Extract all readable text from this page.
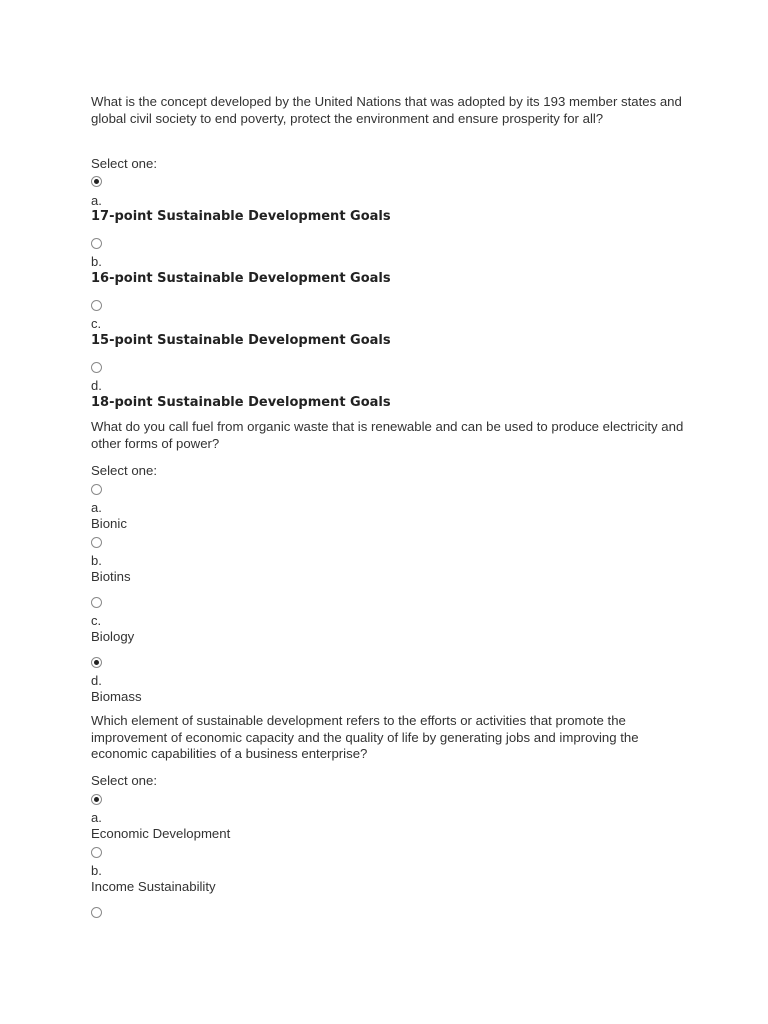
What is the concept developed by the United Nations that was adopted by its 193 member states and global civil society to end poverty, protect the environment and ensure prosperity for all?
Select one:
a.
17-point Sustainable Development Goals
b.
16-point Sustainable Development Goals
c.
15-point Sustainable Development Goals
d.
18-point Sustainable Development Goals
What do you call fuel from organic waste that is renewable and can be used to produce electricity and other forms of power?
Select one:
a.
Bionic
b.
Biotins
c.
Biology
d.
Biomass
Which element of sustainable development refers to the efforts or activities that promote the improvement of economic capacity and the quality of life by generating jobs and improving the economic capabilities of a business enterprise?
Select one:
a.
Economic Development
b.
Income Sustainability
